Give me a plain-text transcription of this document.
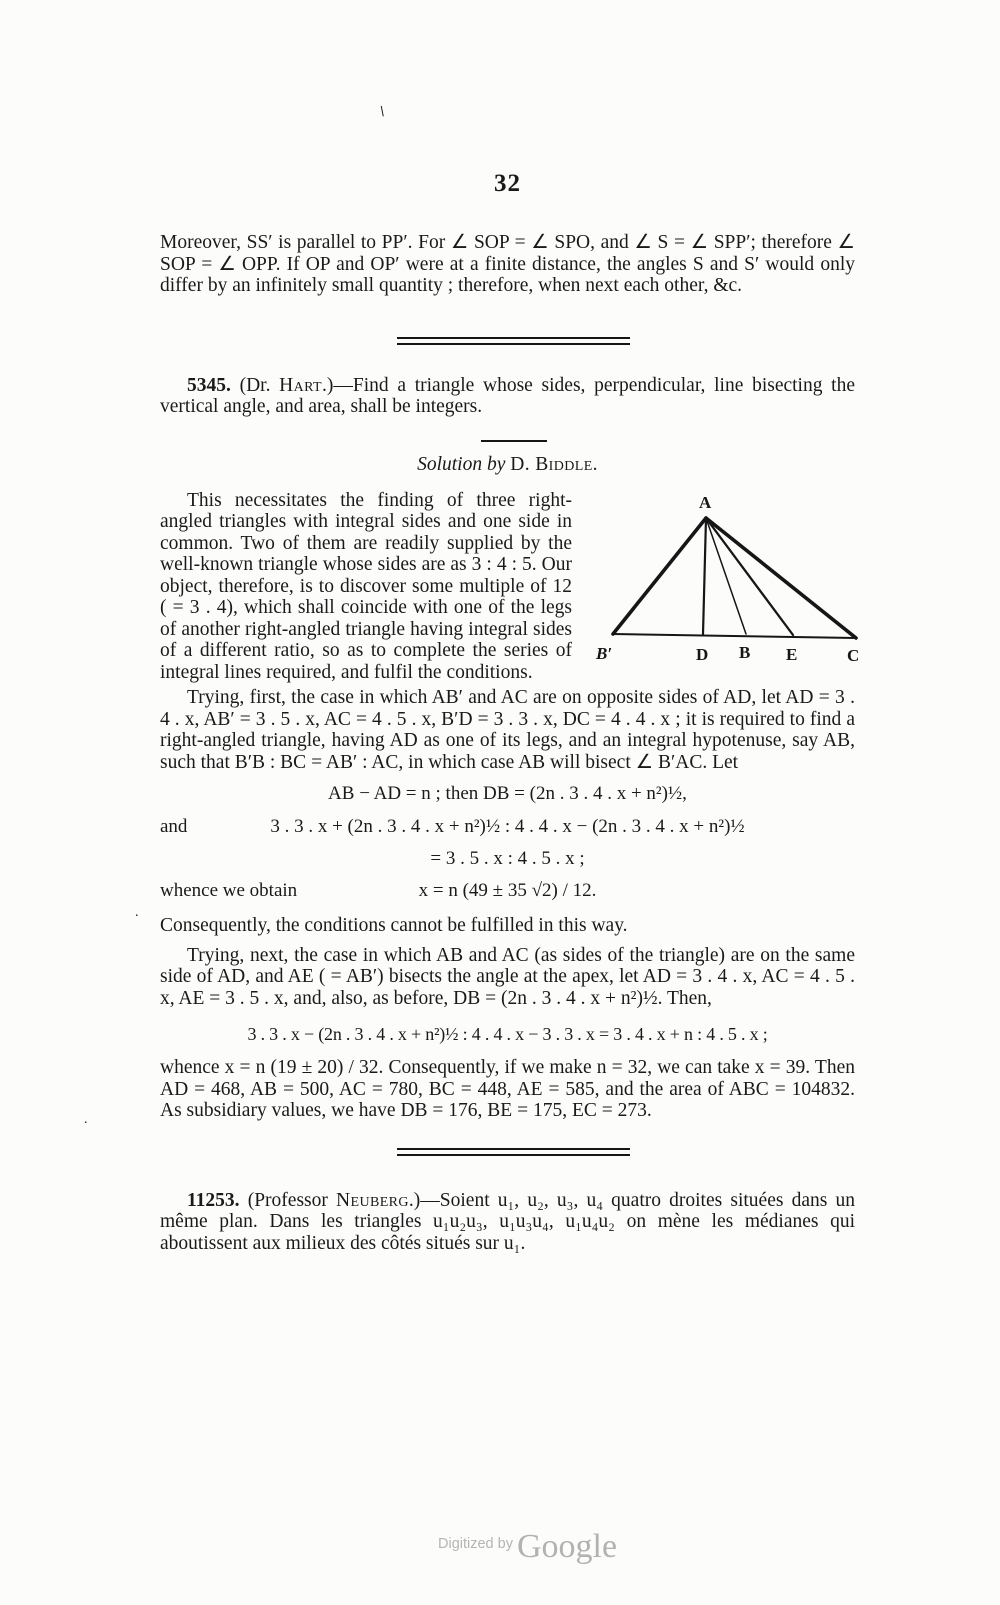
32

Moreover, SS′ is parallel to PP′. For ∠ SOP = ∠ SPO, and ∠ S = ∠ SPP′; therefore ∠ SOP = ∠ OPP. If OP and OP′ were at a finite distance, the angles S and S′ would only differ by an infinitely small quantity ; therefore, when next each other, &c.

5345. (Dr. Hart.)—Find a triangle whose sides, perpendicular, line bisecting the vertical angle, and area, shall be integers.

Solution by D. Biddle.

A
B′	D B E	C

This necessitates the finding of three right-angled triangles with integral sides and one side in common. Two of them are readily supplied by the well-known triangle whose sides are as 3 : 4 : 5. Our object, therefore, is to discover some multiple of 12 ( = 3 . 4), which shall coincide with one of the legs of another right-angled triangle having integral sides of a different ratio, so as to complete the series of integral lines required, and fulfil the conditions.

Trying, first, the case in which AB′ and AC are on opposite sides of AD, let AD = 3 . 4 . x, AB′ = 3 . 5 . x, AC = 4 . 5 . x, B′D = 3 . 3 . x, DC = 4 . 4 . x ; it is required to find a right-angled triangle, having AD as one of its legs, and an integral hypotenuse, say AB, such that B′B : BC = AB′ : AC, in which case AB will bisect ∠ B′AC. Let

AB − AD = n ; then DB = (2n . 3 . 4 . x + n²)½,
and	3 . 3 . x + (2n . 3 . 4 . x + n²)½ : 4 . 4 . x − (2n . 3 . 4 . x + n²)½
= 3 . 5 . x : 4 . 5 . x ;
whence we obtain	x = n (49 ± 35 √2) / 12.

Consequently, the conditions cannot be fulfilled in this way.

Trying, next, the case in which AB and AC (as sides of the triangle) are on the same side of AD, and AE ( = AB′) bisects the angle at the apex, let AD = 3 . 4 . x, AC = 4 . 5 . x, AE = 3 . 5 . x, and, also, as before, DB = (2n . 3 . 4 . x + n²)½. Then,

3 . 3 . x − (2n . 3 . 4 . x + n²)½ : 4 . 4 . x − 3 . 3 . x = 3 . 4 . x + n : 4 . 5 . x ;

whence x = n (19 ± 20) / 32. Consequently, if we make n = 32, we can take x = 39. Then AD = 468, AB = 500, AC = 780, BC = 448, AE = 585, and the area of ABC = 104832. As subsidiary values, we have DB = 176, BE = 175, EC = 273.

11253. (Professor Neuberg.)—Soient u₁, u₂, u₃, u₄ quatro droites situées dans un même plan. Dans les triangles u₁u₂u₃, u₁u₃u₄, u₁u₄u₂ on mène les médianes qui aboutissent aux milieux des côtés situés sur u₁.

\
.
.
Digitized by Google
